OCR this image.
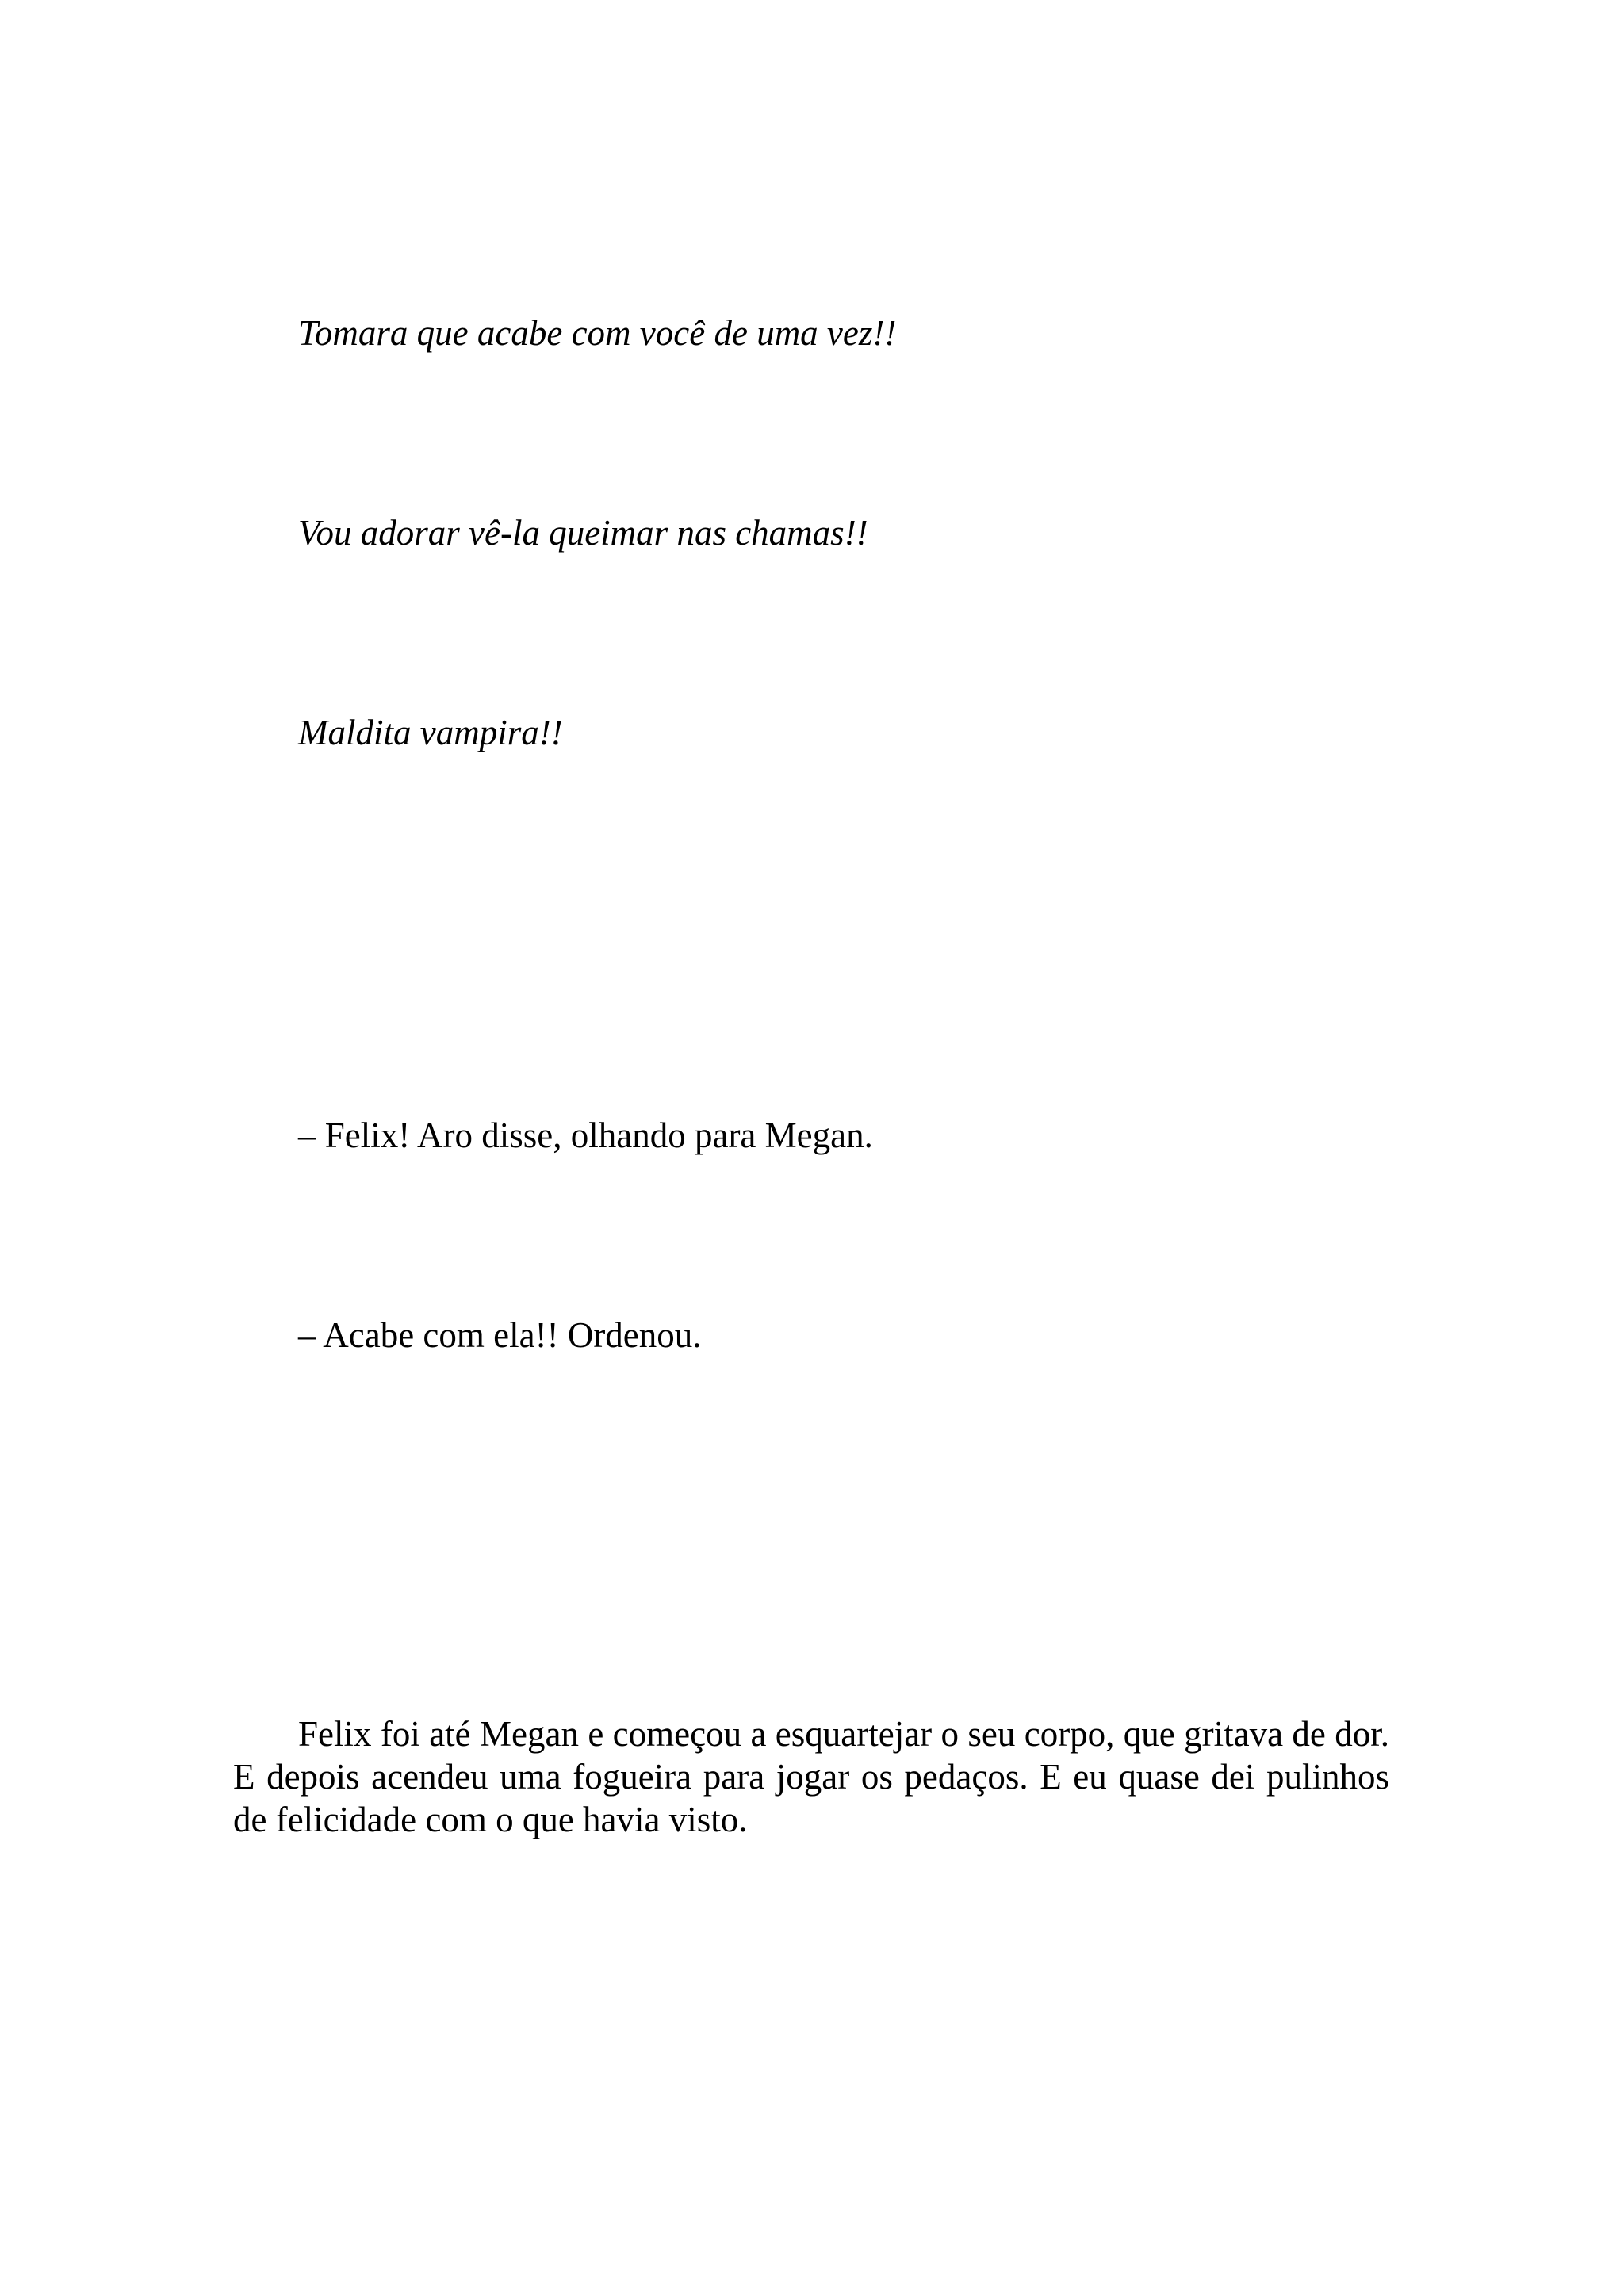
Tomara que acabe com você de uma vez!!

Vou adorar vê-la queimar nas chamas!!

Maldita vampira!!

– Felix! Aro disse, olhando para Megan.

– Acabe com ela!! Ordenou.

Felix foi até Megan e começou a esquartejar o seu corpo, que gritava de dor. E depois acendeu uma fogueira para jogar os pedaços. E eu quase dei pulinhos de felicidade com o que havia visto.
